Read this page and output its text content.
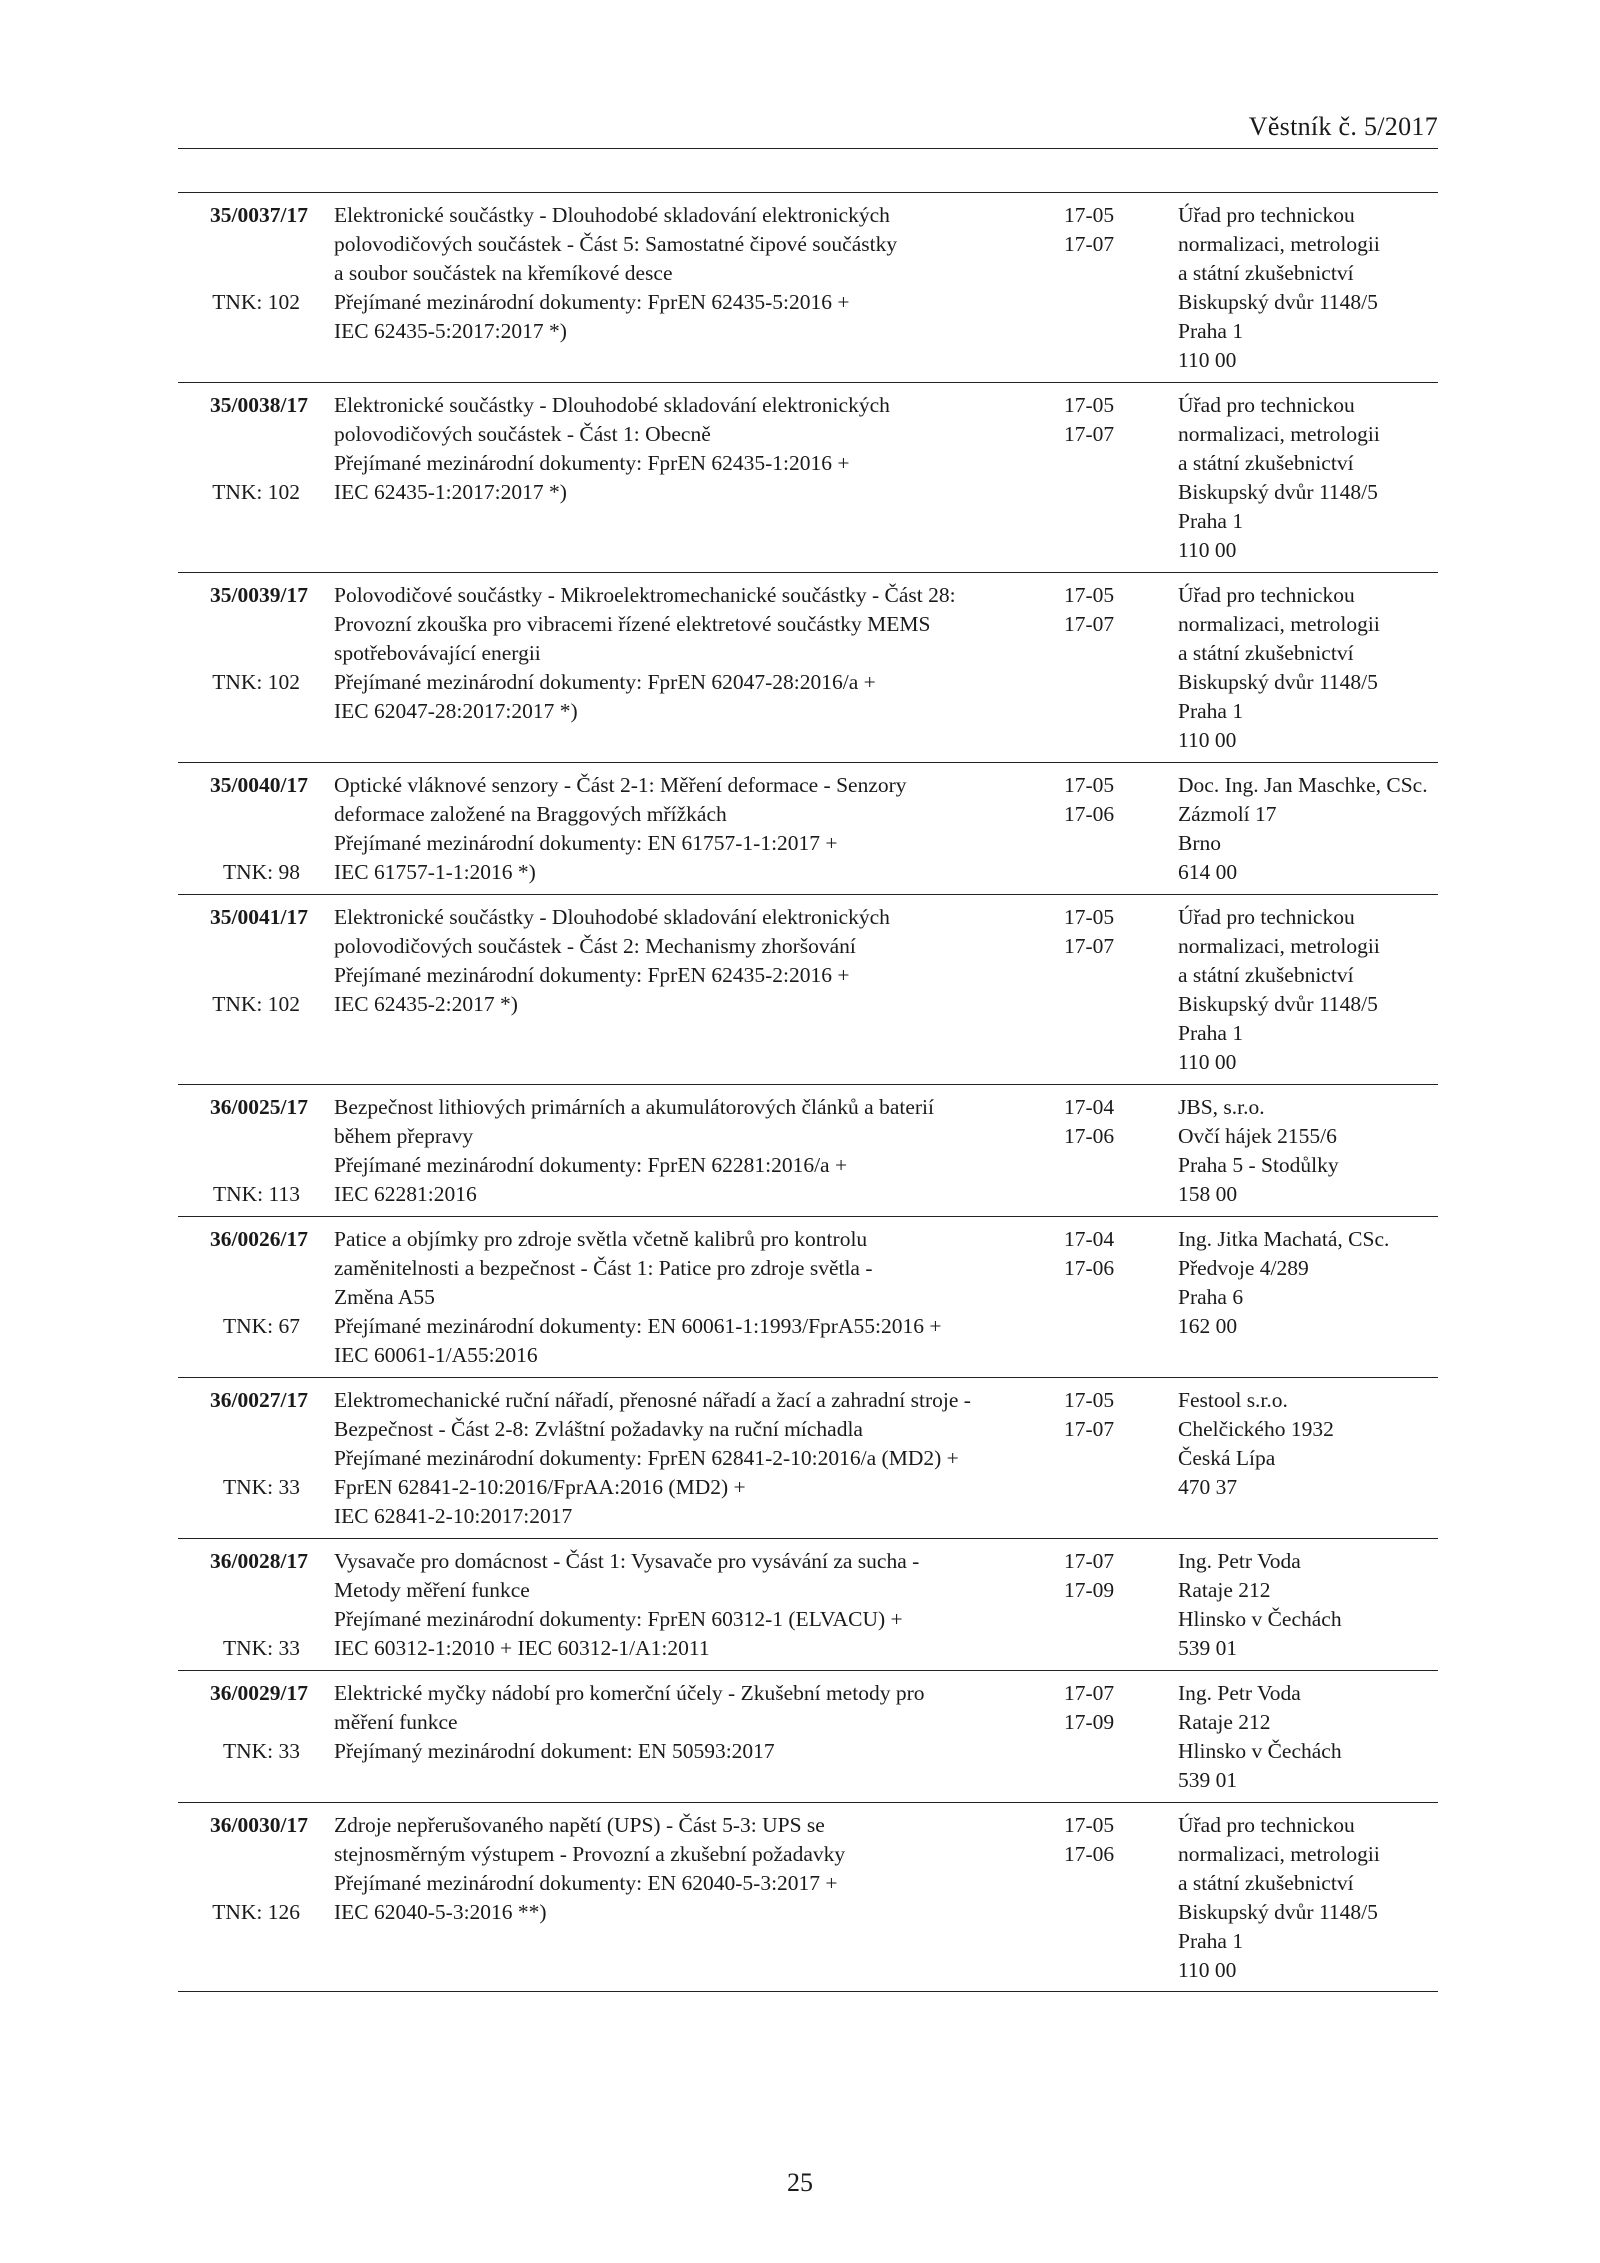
Věstník č. 5/2017
35/0037/17
TNK: 102
Elektronické součástky - Dlouhodobé skladování elektronických
polovodičových součástek - Část 5: Samostatné čipové součástky
a soubor součástek na křemíkové desce
Přejímané mezinárodní dokumenty: FprEN 62435-5:2016 +
IEC 62435-5:2017:2017 *)
17-05
17-07
Úřad pro technickou
normalizaci, metrologii
a státní zkušebnictví
Biskupský dvůr 1148/5
Praha 1
110 00
35/0038/17
TNK: 102
Elektronické součástky - Dlouhodobé skladování elektronických
polovodičových součástek - Část 1: Obecně
Přejímané mezinárodní dokumenty: FprEN 62435-1:2016 +
IEC 62435-1:2017:2017 *)
17-05
17-07
Úřad pro technickou
normalizaci, metrologii
a státní zkušebnictví
Biskupský dvůr 1148/5
Praha 1
110 00
35/0039/17
TNK: 102
Polovodičové součástky - Mikroelektromechanické součástky - Část 28:
Provozní zkouška pro vibracemi řízené elektretové součástky MEMS
spotřebovávající energii
Přejímané mezinárodní dokumenty: FprEN 62047-28:2016/a +
IEC 62047-28:2017:2017 *)
17-05
17-07
Úřad pro technickou
normalizaci, metrologii
a státní zkušebnictví
Biskupský dvůr 1148/5
Praha 1
110 00
35/0040/17
TNK: 98
Optické vláknové senzory - Část 2-1: Měření deformace - Senzory
deformace založené na Braggových mřížkách
Přejímané mezinárodní dokumenty: EN 61757-1-1:2017 +
IEC 61757-1-1:2016 *)
17-05
17-06
Doc. Ing. Jan Maschke, CSc.
Zázmolí 17
Brno
614 00
35/0041/17
TNK: 102
Elektronické součástky - Dlouhodobé skladování elektronických
polovodičových součástek - Část 2: Mechanismy zhoršování
Přejímané mezinárodní dokumenty: FprEN 62435-2:2016 +
IEC 62435-2:2017 *)
17-05
17-07
Úřad pro technickou
normalizaci, metrologii
a státní zkušebnictví
Biskupský dvůr 1148/5
Praha 1
110 00
36/0025/17
TNK: 113
Bezpečnost lithiových primárních a akumulátorových článků a baterií
během přepravy
Přejímané mezinárodní dokumenty: FprEN 62281:2016/a +
IEC 62281:2016
17-04
17-06
JBS, s.r.o.
Ovčí hájek 2155/6
Praha 5 - Stodůlky
158 00
36/0026/17
TNK: 67
Patice a objímky pro zdroje světla včetně kalibrů pro kontrolu
zaměnitelnosti a bezpečnost - Část 1: Patice pro zdroje světla -
Změna A55
Přejímané mezinárodní dokumenty: EN 60061-1:1993/FprA55:2016 +
IEC 60061-1/A55:2016
17-04
17-06
Ing. Jitka Machatá, CSc.
Předvoje 4/289
Praha 6
162 00
36/0027/17
TNK: 33
Elektromechanické ruční nářadí, přenosné nářadí a žací a zahradní stroje -
Bezpečnost - Část 2-8: Zvláštní požadavky na ruční míchadla
Přejímané mezinárodní dokumenty: FprEN 62841-2-10:2016/a (MD2) +
FprEN 62841-2-10:2016/FprAA:2016 (MD2) +
IEC 62841-2-10:2017:2017
17-05
17-07
Festool s.r.o.
Chelčického 1932
Česká Lípa
470 37
36/0028/17
TNK: 33
Vysavače pro domácnost - Část 1: Vysavače pro vysávání za sucha -
Metody měření funkce
Přejímané mezinárodní dokumenty: FprEN 60312-1 (ELVACU) +
IEC 60312-1:2010 + IEC 60312-1/A1:2011
17-07
17-09
Ing. Petr Voda
Rataje 212
Hlinsko v Čechách
539 01
36/0029/17
TNK: 33
Elektrické myčky nádobí pro komerční účely - Zkušební metody pro
měření funkce
Přejímaný mezinárodní dokument: EN 50593:2017
17-07
17-09
Ing. Petr Voda
Rataje 212
Hlinsko v Čechách
539 01
36/0030/17
TNK: 126
Zdroje nepřerušovaného napětí (UPS) - Část 5-3: UPS se
stejnosměrným výstupem - Provozní a zkušební požadavky
Přejímané mezinárodní dokumenty: EN 62040-5-3:2017 +
IEC 62040-5-3:2016 **)
17-05
17-06
Úřad pro technickou
normalizaci, metrologii
a státní zkušebnictví
Biskupský dvůr 1148/5
Praha 1
110 00
25
